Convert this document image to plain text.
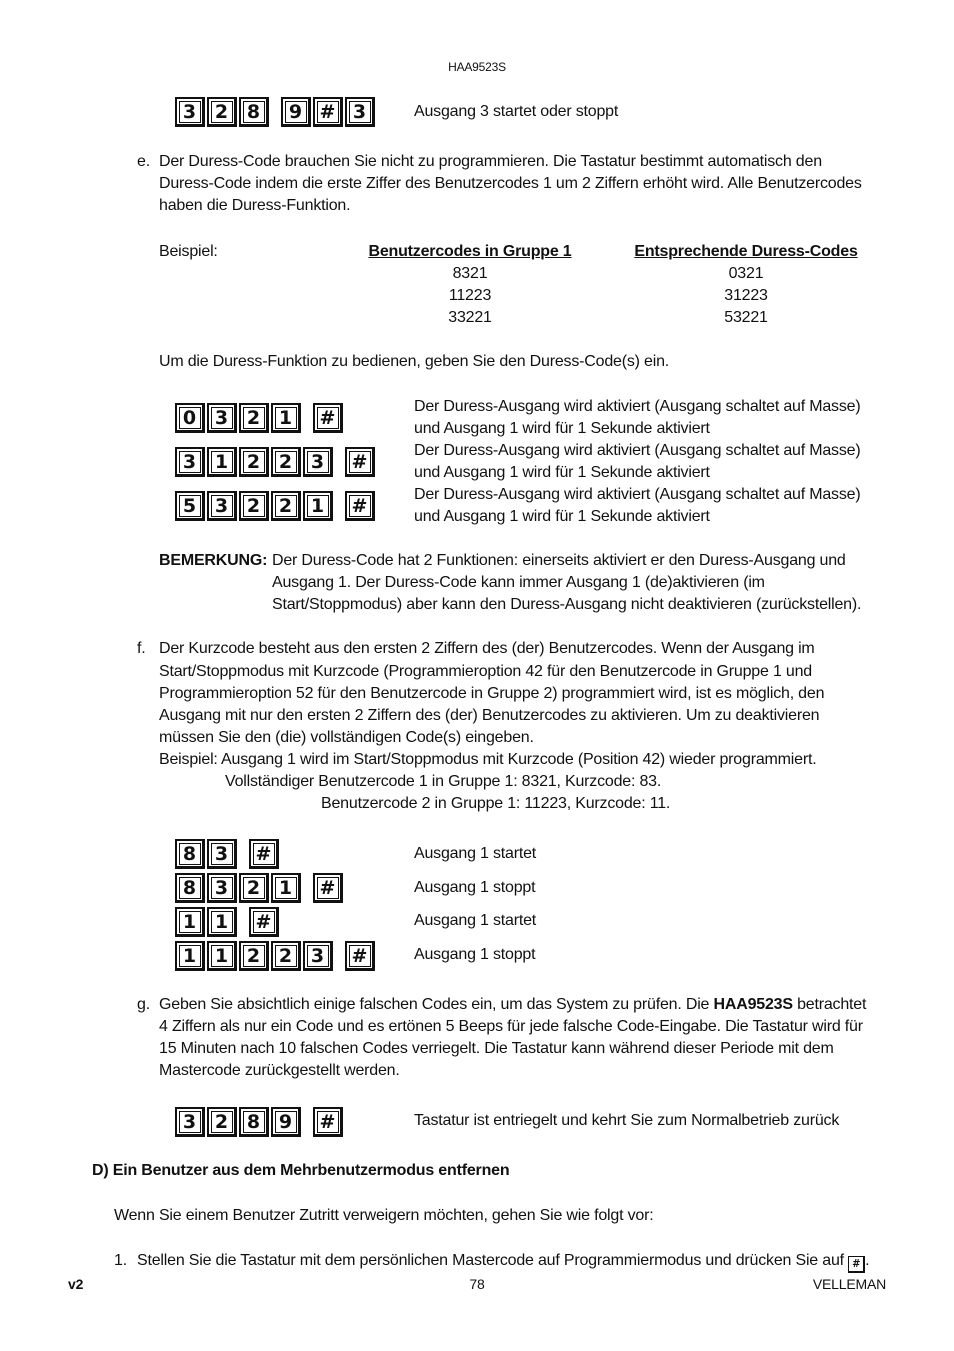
HAA9523S
3 2 8	9 # 3	Ausgang 3 startet oder stoppt
e. Der Duress-Code brauchen Sie nicht zu programmieren. Die Tastatur bestimmt automatisch den
Duress-Code indem die erste Ziffer des Benutzercodes 1 um 2 Ziffern erhöht wird. Alle Benutzercodes
haben die Duress-Funktion.
Beispiel:	Benutzercodes in Gruppe 1	Entsprechende Duress-Codes
8321	0321
11223	31223
33221	53221
Um die Duress-Funktion zu bedienen, geben Sie den Duress-Code(s) ein.
0 3 2 1	#	Der Duress-Ausgang wird aktiviert (Ausgang schaltet auf Masse)
und Ausgang 1 wird für 1 Sekunde aktiviert
3 1 2 2 3	#	Der Duress-Ausgang wird aktiviert (Ausgang schaltet auf Masse)
und Ausgang 1 wird für 1 Sekunde aktiviert
5 3 2 2 1	#	Der Duress-Ausgang wird aktiviert (Ausgang schaltet auf Masse)
und Ausgang 1 wird für 1 Sekunde aktiviert
BEMERKUNG: Der Duress-Code hat 2 Funktionen: einerseits aktiviert er den Duress-Ausgang und
Ausgang 1. Der Duress-Code kann immer Ausgang 1 (de)aktivieren (im
Start/Stoppmodus) aber kann den Duress-Ausgang nicht deaktivieren (zurückstellen).
f. Der Kurzcode besteht aus den ersten 2 Ziffern des (der) Benutzercodes. Wenn der Ausgang im
Start/Stoppmodus mit Kurzcode (Programmieroption 42 für den Benutzercode in Gruppe 1 und
Programmieroption 52 für den Benutzercode in Gruppe 2) programmiert wird, ist es möglich, den
Ausgang mit nur den ersten 2 Ziffern des (der) Benutzercodes zu aktivieren. Um zu deaktivieren
müssen Sie den (die) vollständigen Code(s) eingeben.
Beispiel: Ausgang 1 wird im Start/Stoppmodus mit Kurzcode (Position 42) wieder programmiert.
Vollständiger Benutzercode 1 in Gruppe 1: 8321, Kurzcode: 83.
Benutzercode 2 in Gruppe 1: 11223, Kurzcode: 11.
8 3	#	Ausgang 1 startet
8 3 2 1	#	Ausgang 1 stoppt
1 1	#	Ausgang 1 startet
1 1 2 2 3	#	Ausgang 1 stoppt
g. Geben Sie absichtlich einige falschen Codes ein, um das System zu prüfen. Die HAA9523S betrachtet
4 Ziffern als nur ein Code und es ertönen 5 Beeps für jede falsche Code-Eingabe. Die Tastatur wird für
15 Minuten nach 10 falschen Codes verriegelt. Die Tastatur kann während dieser Periode mit dem
Mastercode zurückgestellt werden.
3 2 8 9	#	Tastatur ist entriegelt und kehrt Sie zum Normalbetrieb zurück
D) Ein Benutzer aus dem Mehrbenutzermodus entfernen
Wenn Sie einem Benutzer Zutritt verweigern möchten, gehen Sie wie folgt vor:
1. Stellen Sie die Tastatur mit dem persönlichen Mastercode auf Programmiermodus und drücken Sie auf # .
v2	78	VELLEMAN
